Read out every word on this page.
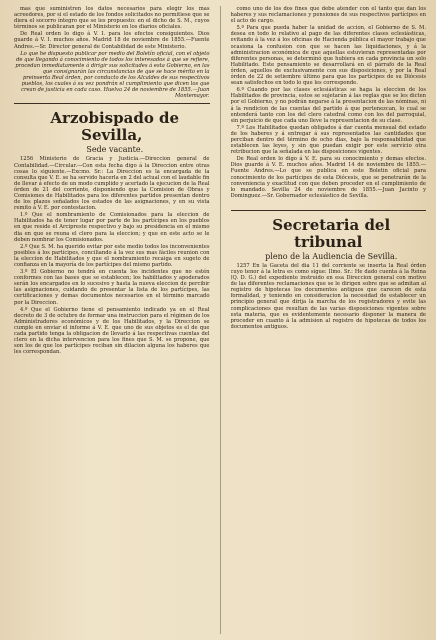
mas que suministren los datos necesarios para elegir los mas acreedores, por si el estado de los fondos solicitados no permitiese que se diera el socorro íntegro que se les propuesto: en el dicho de S. M., cuyos términos se publicaran por el Ministerio en los diarios oficiales.

De Real orden lo digo á V. I. para los efectos consiguientes. Dios guarde á V. I. muchos años. Madrid 18 de noviembre de 1855.—Fuente Andres.—Sr. Director general de Contabilidad de este Ministerio.

Lo que he dispuesto publicar por medio del Boletín oficial, con el objeto de que llegando á conocimiento de todos los interesados á que se refiere, procedan inmediatamente á dirigir sus solicitudes á esta Gobierno, en las que consignarán las circunstancias de que se hace mérito en la preinserta Real órden, por conducto de los Alcaldes de sus respectivos pueblos, los cuales á su vez pondrán el cumplimiento que dicen los que crean de justicia en cada caso. Huelva 24 de noviembre de 1855.—Juan Montemayor.

Arzobispado de Sevilla,

Sede vacante.

1256 Ministerio de Gracia y Justicia.—Direccion general de Contabilidad.—Circular.—Con esta fecha digo á la Direccion entre otras cosas lo siguiente.—Excmo. Sr.: La Direccion es la encargada de la consulta que V. E. se ha servido hacerla en 2 del actual con el laudable fin de llevar á efecto de un modo cumplido y acertado la ejecucion de la Real órden de 21 del corriente, disponiendo que la Comision de Obras y Comisiones de Habilitados para los diferentes partidos presentan dentro de los plazos señalados los estados de las asignaciones, y en su vista remito á V. E. por contestacion.

1.º Que el nombramiento de Comisionados para la eleccion de Habilitados ha de tener lugar por parte de los partícipes en los pueblos en que reside el Arcipreste respectivo y bajo su presidencia en el mismo dia en que se reuna el clero para la eleccion; y que en este acto se le deben nombrar los Comisionados.

2.º Que S. M. ha querido evitar por este medio todos los inconvenientes posibles á los partícipes, conciliando á la vez sus mas fáciles reunion con la eleccion de Habilitados y que el nombramiento recaiga en sugeto de confianza en la mayoría de los partícipes del mismo partido.

3.º El Gobierno no tendrá en cuenta los incidentes que no estén conformes con las bases que se establecen; los habilitados y apoderados serán los encargados en lo sucesivo y hasta la nueva eleccion de percibir las asignaciones, cuidando de presentar la lista de los partícipes, las certificaciones y demas documentos necesarios en el término marcado por la Direccion.

4.º Que el Gobierno tiene el pensamiento indicado ya en el Real decreto de 3 de octubre de formar una instruccion para el régimen de los Administradores económicos y de los Habilitados, y la Direccion se cumple en enviar el informe á V. E. que uno de sus objetos es el de que cada partido tenga la obligacion de llevarlo á las respectivas cuentas del clero en la dicha intervencion para los fines que S. M. se propone, que son los de que los partícipes reciban sin dilacion alguna los haberes que les correspondan.

como uno de los dos fines que debe atender con el tanto que dan los haberes y sus reclamaciones y pensiones de sus respectivos partícipes en el acto de cargo.

5.º Para que pueda haber la unidad de accion, el Gobierno de S. M. desea en todo lo relativo al pago de las diferentes clases eclesiásticas, evitando á la vez á los oficinas de Hacienda pública el mayor trabajo que ocasiona la confusion con que se hacen las liquidaciones, y á la administracion económica de que aquellas estuvieran representadas por diferentes personas, se determinó que hubiera en cada provincia un solo Habilitado. Este pensamiento se desarrollará en el párrafo de la Real órden, aquellos de exclusivamente con sus disposiciones, y por la Real órden de 22 de setiembre último para que los partícipes de su Diócesis sean satisfechos en todo lo que les corresponde.

6.º Cuando por las clases eclesiásticas se haga la eleccion de los Habilitados de provincia, estos se sujetarán á las reglas que se les dicten por el Gobierno, y no podrán negarse á la presentacion de las nóminas, ni á la rendicion de las cuentas del partido á que pertenezcan, lo cual se entenderá tanto con los del clero catedral como con los del parroquial, sin perjuicio de que cada uno lleve la representacion de su clase.

7.º Los Habilitados quedan obligados á dar cuenta mensual del estado de los haberes y á entregar á sus representados las cantidades que perciban dentro del término de ocho dias, bajo la responsabilidad que establecen las leyes, y sin que puedan exigir por este servicio otra retribucion que la señalada en las disposiciones vigentes.

De Real orden lo digo á V. E. para su conocimiento y demas efectos. Dios guarde á V. E. muchos años. Madrid 14 de noviembre de 1855.—Fuente Andres.—Lo que se publica en este Boletin oficial para conocimiento de los partícipes de esta Diócesis, que se penetrarán de la conveniencia y exactitud con que deben proceder en el cumplimiento de lo mandado. Sevilla 24 de noviembre de 1855.—Juan Jacinto y Dominguez.—Sr. Gobernador eclesiástico de Sevilla.

Secretaria del tribunal

pleno de la Audiencia de Sevilla.

1257 En la Gaceta del dia 11 del corriente se inserta la Real órden cuyo tenor á la letra es como sigue: Ilmo. Sr.: He dado cuenta á la Reina (Q. D. G.) del expediente instruido en esa Direccion general con motivo de las diferentes reclamaciones que se le dirigen sobre que se admitan al registro de hipotecas los documentos antiguos que carecen de esta formalidad, y teniendo en consideracion la necesidad de establecer un principio general que dirija la marcha de los registradores y evite las complicaciones que resultan de las varias disposiciones vigentes sobre esta materia, que es evidentemente necesario disponer la manera de proceder en cuanto á la admision al registro de hipotecas de todos los documentos antiguos.
